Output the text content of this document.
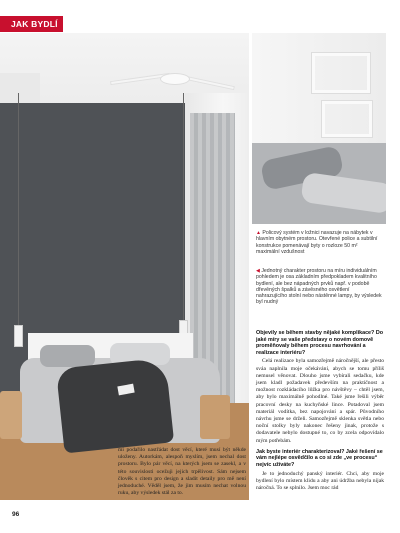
JAK BYDLÍ
▲ Policový systém v ložnici navazuje na nábytek v hlavním obytném prostoru. Otevřené police a subtilní konstrukce pomenávají byty o rozloze 50 m² maximální vzdušnost
◀ Jednotný charakter prostoru na míru individuálním pohledem je osa základním předpokladem kvalitního bydlení, ale bez nápadných prvků např. v podobě dřevěných špalků a závěsného osvětlení nahrazujícího stolní nebo nástěnné lampy, by výsledek byl nudný

Objevily se během stavby nějaké komplikace? Do jaké míry se vaše představy o novém domově proměňovaly během procesu navrhování a realizace interiéru?

Celá realizace byla samozřejmě náročnější, ale přesto sváa naplnila moje očekávání, abych se tomu příliš nemusel věnovat. Dlouho jsme vybírali sedačku, kde jsem kladl požadavek především na praktičnost a možnost rozkládacího lůžka pro návštěvy – chtěl jsem, aby bylo maximálně pohodlné. Také jsme řešili výběr pracovní desky na kuchyňské lince. Potadoval jsem materiál vodítka, bez napojování a spár. Původního návrhu jsme se drželi. Samozřejmě sklenka světla nebo noční stolky byly nakonec řešeny jinak, protože s dodavatele nebylo dostupné to, co by zcela odpovídalo mým potřebám.

Jak byste interiér charakterizoval? Jaké řešení se vám nejlépe osvědčilo a co si zde „ve procesu“ nejvíc užíváte?

Je to jednoduchý panský interiér. Chci, aby moje bydlení bylo místem klidu a aby ani údržba nebyla nijak náročná. To se splnilo. Jsem moc rád

mi podařilo nastřádat dost věcí, které musí být někde uloženy. Autorkám, alespoň myslím, jsem nechal dost prostoru. Bylo pár věcí, na kterých jsem se zasekl, a v této souvislosti ocežuji jejich trpělivost. Sám nejsem člověk s citem pro design a sladit detaily pro mě není jednoduché. Věděl jsem, že jim musím nechat volnou ruku, aby výsledek stál za to.
96
